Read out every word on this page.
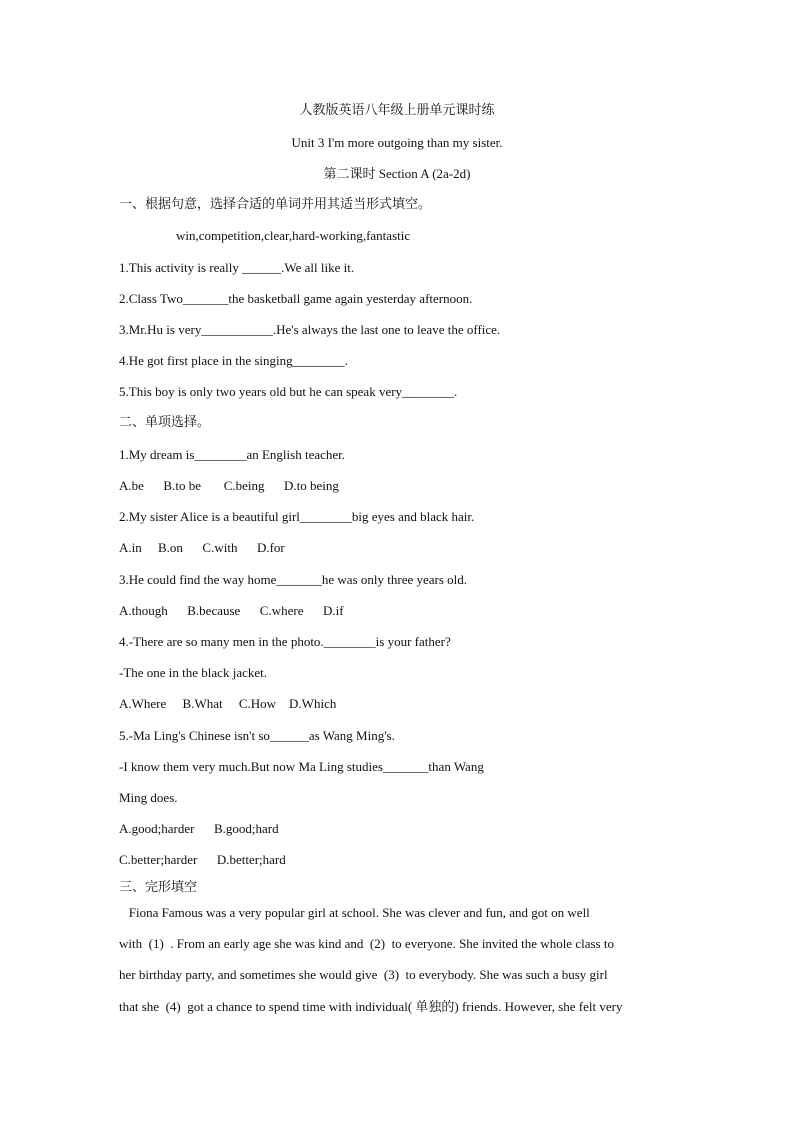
人教版英语八年级上册单元课时练
Unit 3 I'm more outgoing than my sister.
第二课时 Section A (2a-2d)
一、根据句意，选择合适的单词并用其适当形式填空。
win,competition,clear,hard-working,fantastic
1.This activity is really ______.We all like it.
2.Class Two_______the basketball game again yesterday afternoon.
3.Mr.Hu is very___________.He's always the last one to leave the office.
4.He got first place in the singing________.
5.This boy is only two years old but he can speak very________.
二、单项选择。
1.My dream is________an English teacher.
A.be      B.to be       C.being      D.to being
2.My sister Alice is a beautiful girl________big eyes and black hair.
A.in     B.on      C.with      D.for
3.He could find the way home_______he was only three years old.
A.though      B.because      C.where      D.if
4.-There are so many men in the photo.________is your father?
-The one in the black jacket.
A.Where     B.What     C.How    D.Which
5.-Ma Ling's Chinese isn't so______as Wang Ming's.
-I know them very much.But now Ma Ling studies_______than Wang
Ming does.
A.good;harder      B.good;hard
C.better;harder      D.better;hard
三、完形填空
Fiona Famous was a very popular girl at school. She was clever and fun, and got on well
with  (1)  . From an early age she was kind and  (2)  to everyone. She invited the whole class to
her birthday party, and sometimes she would give  (3)  to everybody. She was such a busy girl
that she  (4)  got a chance to spend time with individual( 单独的) friends. However, she felt very
